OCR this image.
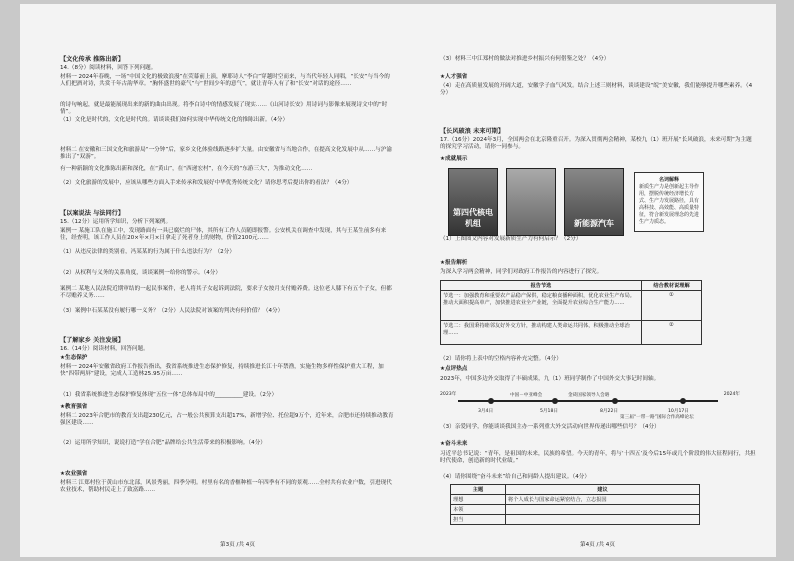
【文化传承 推陈出新】

14.（8分）阅读材料，回答下列问题。

材料一 2024年春晚，一场“中国文化的极致浪漫”在荧幕前上演，摩耶诗人“李白”穿越时空而来，与当代年轻人同唱，“长安”与当今的人们把酒对诗，共赏千年古韵华章。“胸怀盛世的豪气”与“世间少年的意气”，就让青年人有了和“长安”对话的途径……

的诗句响起，就是最能展现出来的新的曲由出现。将李白诗中的情感发展了现实……《山河诗长安》用诗词与影像来展现诗文中的“时情”。

（1）文化是时代的，文化是时代的。请谈谈我们如何实现中华传统文化的推陈出新。（4分）

材料二 在安徽和三国文化和旅游局“一分钟”后，家乡文化体验线路逐步扩大量。由安徽省与当地合作，在提高文化发展中从……与沪渝推出了“双游”。

有一种新颖的文化推陈出新和深化，在“黄山”，在“西递宏村”，在今天的“东游三大”，为推动文化……

（2）文化旅游的发展中，应该从哪些方面入手来传承和发展好中华优秀传统文化？请你思考后提出你的看法？（4分）

【以案说法 与法同行】

15.（12分）运用所学知识，分析下列案例。

案例一 某施工队在施工中，发现路面有一具已腐烂的尸体，其所有工作人员随即报警。公安机关在调查中发现，其与王某生前多有来往，经查明，该工作人员在20×年×月×日拿走了死者身上的财物，价值2100元……

（1）从违反法律的类别看，冯某某的行为属于什么违法行为？（2分）

（2）从权利与义务的关系角度，谈谈案例一给你的警示。（4分）

案例二 某地人民法院近期审结的一起民事案件，老人将其子女起诉到法院，要求子女按月支付赡养费。这位老人膝下有五个子女，但都不尽赡养义务……

（3）案例中石某某没有履行哪一义务？（2分）人民法院对该案的判决有何价值？（4分）

【了解家乡 关注发展】

16.（14分）阅读材料，回答问题。

★生态保护

材料一 2024年安徽省政府工作报告指出，我省系统推进生态保护修复，持续推进长江十年禁渔，实施生物多样性保护重大工程，加快“四带两屏”建设，完成人工造林25.95万亩……

（1）我省系统推进生态保护修复体现“五位一体”总体布局中的__________建设。（2分）

★教育强省

材料二 2023年合肥市的教育支出超230亿元，占一般公共预算支出超17%，新增学位、托位超9万个，近年来，合肥市还持续推动教育强区建设……

（2）运用所学知识，说说打造“学在合肥”品牌给公共生活带来的积极影响。（4分）

★农业强省

材料三 江郑村位于黄山市东北部，风景秀丽，四季分明。村里有名的香榧种植一年四季有不同的景观……全村共有农业户数，引进现代农业技术，帮助村民走上了致富路……

（3）材料三中江郑村的做法对推进乡村振兴有何借鉴之处？（4分）

★人才强省

（4）走在高质量发展的开阔大道，安徽学子血气风发。结合上述三则材料，谈谈建设“皖”美安徽，我们能够提升哪些素养。（4分）

【长风破浪 未来可期】

17.（16分）2024年3月，全国两会在北京隆重召开。为深入贯彻两会精神，某校九（1）班开展“长风破浪，未来可期”为主题的探究学习活动，请你一同参与。

★成就展示

第四代核电机组	新能源汽车
名词解释
新质生产力是创新起主导作用，摆脱传统经济增长方式、生产力发展路径，具有高科技、高效能、高质量特征，符合新发展理念的先进生产力质态。

（1）上图图文内容对发展新质生产力有何启示？（2分）

★报告解析

为深入学习两会精神，同学们对政府工作报告的内容进行了探究。

报告节选	结合教材说理解
节选一：加强教育和重要农产品稳产保供，稳定粮食播种面积，优化农业生产布局。推动大面积提高单产，加快推进农业全产业链，全面提升农业综合生产能力……	①
节选二：我国秉持睦邻友好外交方针，推动构建人类命运共同体，积极推动全球治理……	②

（2）请你将上表中的空格内容补充完整。（4分）

★点评热点

2023年，中国多边外交取得了丰硕成果，九（1）班同学制作了中国外交大事记时间轴。

2023年	2024年
3月4日	5月18日	8月22日	10月17日
中国－中亚峰会	金砖国家领导人会晤
第三届“一带一路”国际合作高峰论坛

（3）亲爱同学，你能谈谈我国主办一系列重大外交活动向世界传递出哪些信号？（4分）

★奋斗未来

习近平总书记说：“青年，是祖国的未来，民族的希望。今天的青年，将与‘十四五’及今后15年或几个阶段的伟大征程同行，共担时代使命，创造新的时代业绩。”

（4）请你围绕“奋斗未来”给自己和同龄人提出建议。（4分）

主题	建议
理想	将个人成长与国家命运紧密结合，立志报国
本领	
担当	
第3页 /共 4页	第4页 /共 4页
